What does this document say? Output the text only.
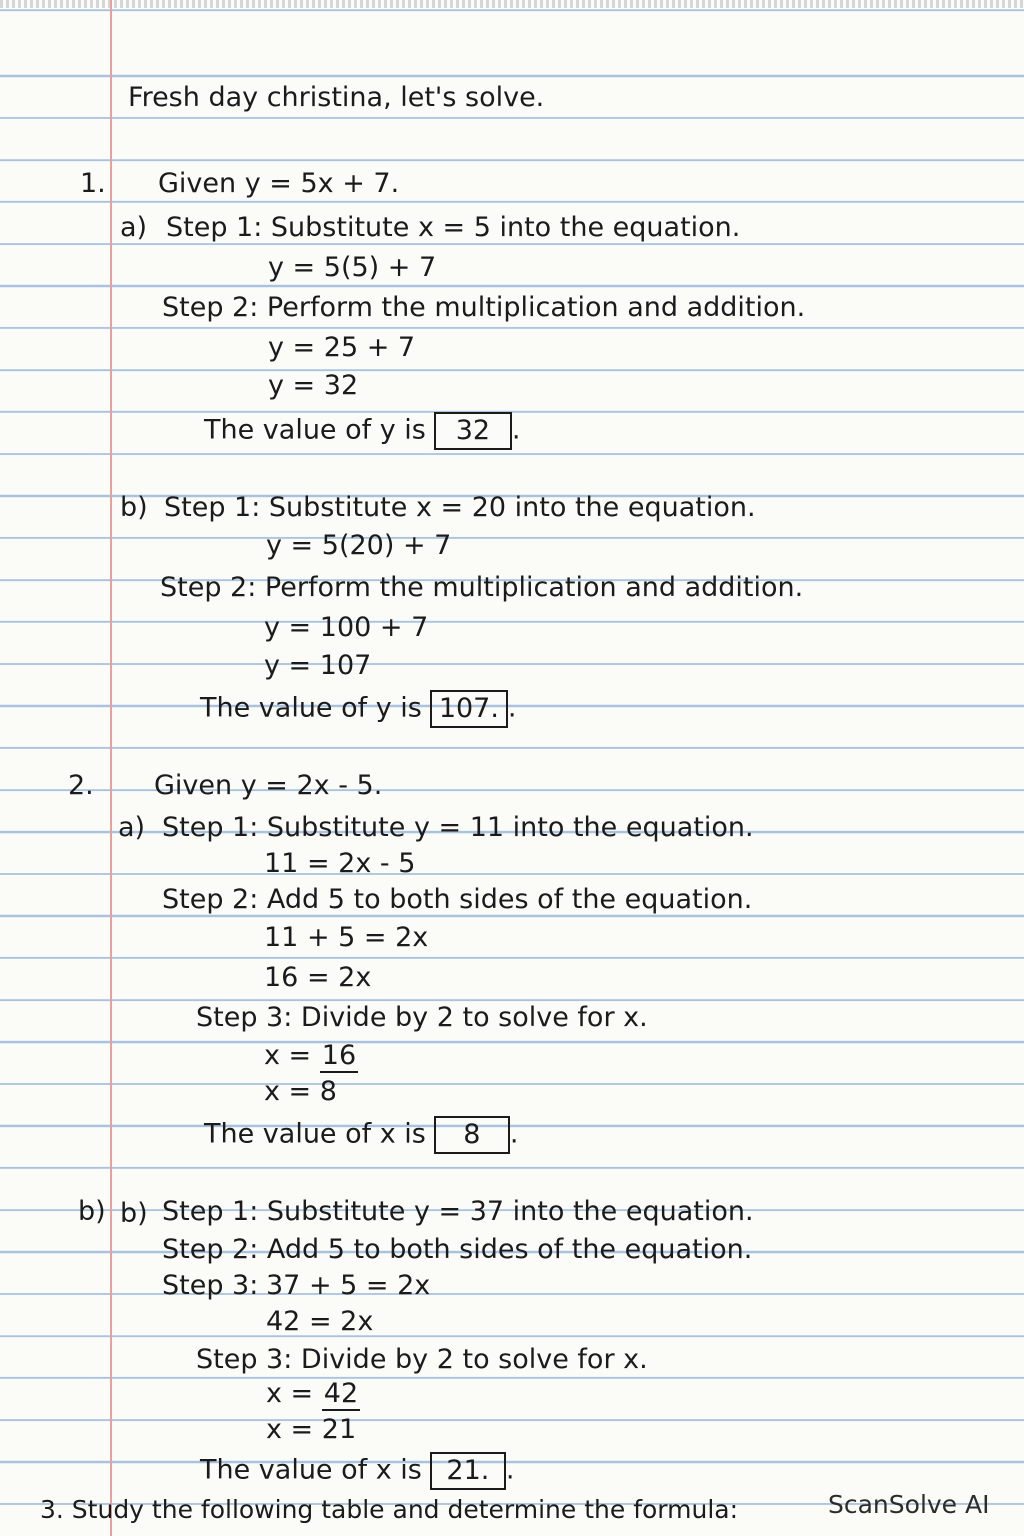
Fresh day christina, let's solve.
1. Given y = 5x + 7.
a) Step 1: Substitute x = 5 into the equation.
y = 5(5) + 7
Step 2: Perform the multiplication and addition.
y = 25 + 7
y = 32
The value of y is 32 .
b) Step 1: Substitute x = 20 into the equation.
y = 5(20) + 7
Step 2: Perform the multiplication and addition.
y = 100 + 7
y = 107
The value of y is 107. .
2. Given y = 2x - 5.
a) Step 1: Substitute y = 11 into the equation.
11 = 2x - 5
Step 2: Add 5 to both sides of the equation.
11 + 5 = 2x
16 = 2x
Step 3: Divide by 2 to solve for x.
x = 16
x = 8
The value of x is 8 .
b) b) Step 1: Substitute y = 37 into the equation.
Step 2: Add 5 to both sides of the equation.
Step 3: 37 + 5 = 2x
42 = 2x
Step 3: Divide by 2 to solve for x.
x = 42
x = 21
The value of x is 21. .
3. Study the following table and determine the formula:	ScanSolve AI
